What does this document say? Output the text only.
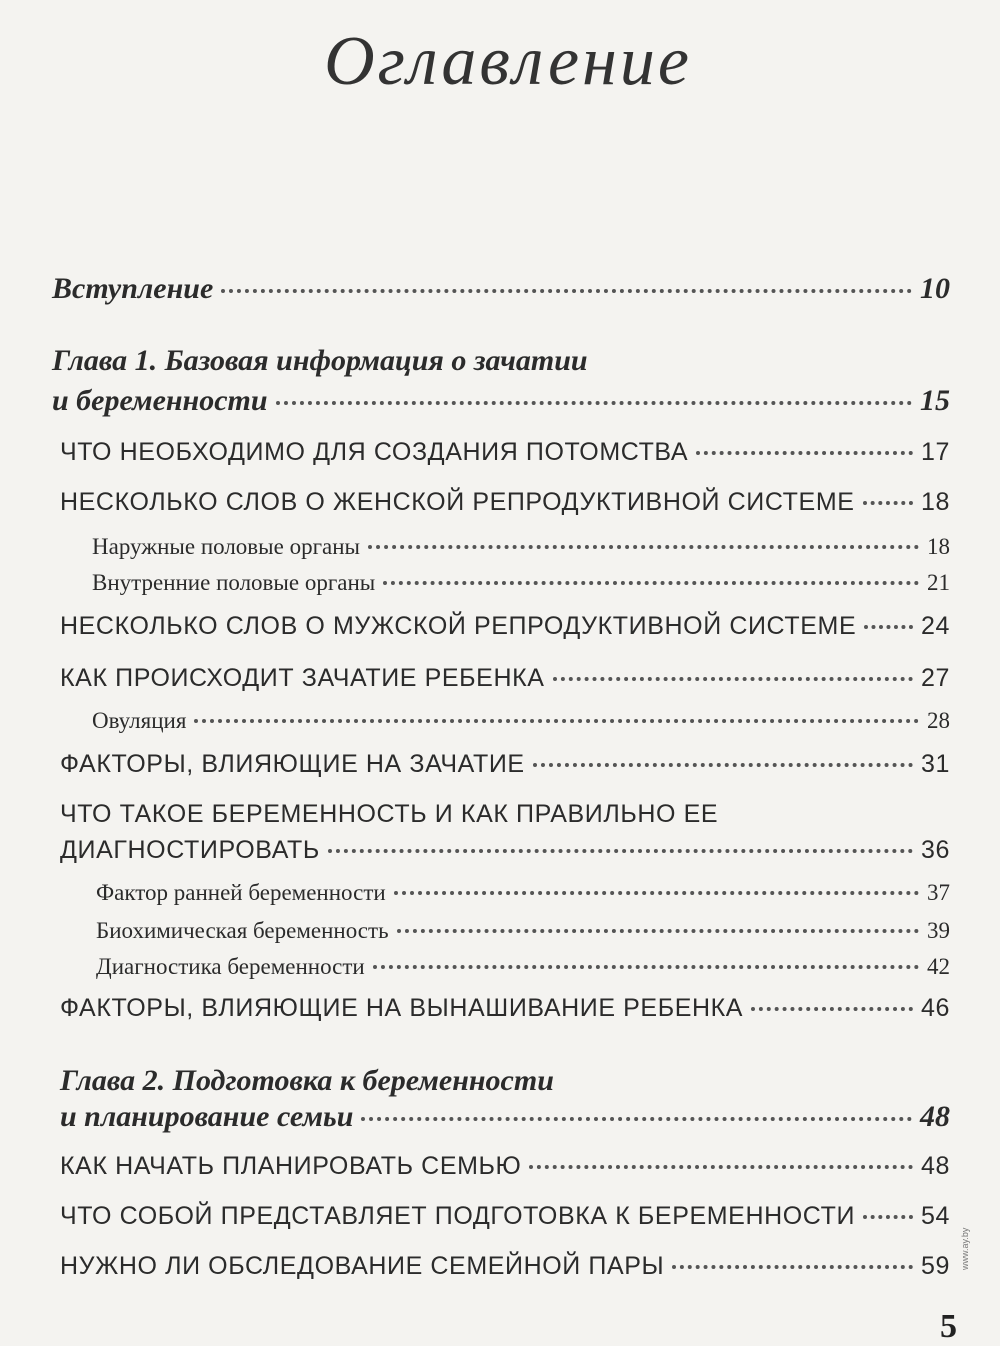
Оглавление
Вступление	10
Глава 1. Базовая информация о зачатии
и беременности	15
ЧТО НЕОБХОДИМО ДЛЯ СОЗДАНИЯ ПОТОМСТВА	17
НЕСКОЛЬКО СЛОВ О ЖЕНСКОЙ РЕПРОДУКТИВНОЙ СИСТЕМЕ	18
Наружные половые органы	18
Внутренние половые органы	21
НЕСКОЛЬКО СЛОВ О МУЖСКОЙ РЕПРОДУКТИВНОЙ СИСТЕМЕ	24
КАК ПРОИСХОДИТ ЗАЧАТИЕ РЕБЕНКА	27
Овуляция	28
ФАКТОРЫ, ВЛИЯЮЩИЕ НА ЗАЧАТИЕ	31
ЧТО ТАКОЕ БЕРЕМЕННОСТЬ И КАК ПРАВИЛЬНО ЕЕ
ДИАГНОСТИРОВАТЬ	36
Фактор ранней беременности	37
Биохимическая беременность	39
Диагностика беременности	42
ФАКТОРЫ, ВЛИЯЮЩИЕ НА ВЫНАШИВАНИЕ РЕБЕНКА	46
Глава 2. Подготовка к беременности
и планирование семьи	48
КАК НАЧАТЬ ПЛАНИРОВАТЬ СЕМЬЮ	48
ЧТО СОБОЙ ПРЕДСТАВЛЯЕТ ПОДГОТОВКА К БЕРЕМЕННОСТИ	54
НУЖНО ЛИ ОБСЛЕДОВАНИЕ СЕМЕЙНОЙ ПАРЫ	59
5
www.ay.by
